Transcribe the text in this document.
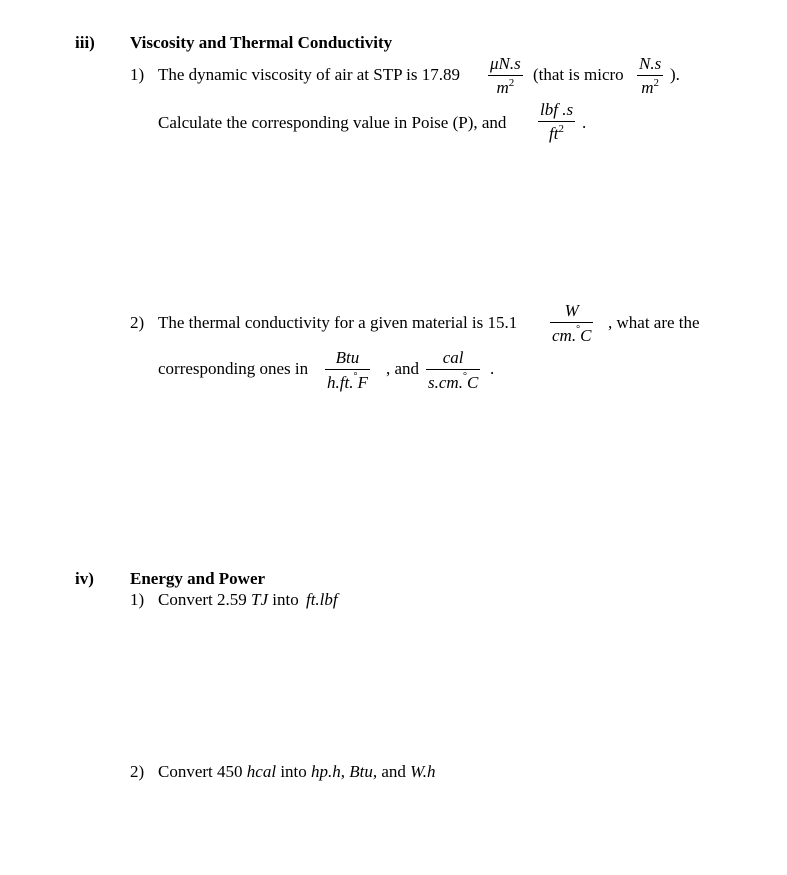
iii) Viscosity and Thermal Conductivity
1) The dynamic viscosity of air at STP is 17.89
μN.s
$m^2$	(that is micro
N.s
$m^2$ ).
Calculate the corresponding value in Poise (P), and
lbf .s
$ft^2$	.
2) The thermal conductivity for a given material is 15.1
W
cm.°C
, what are the
corresponding ones in
Btu
h.ft.°F
, and
cal
s.cm.°C
.
iv) Energy and Power
1) Convert 2.59 TJ into ft.lbf
2) Convert 450 hcal into hp.h, Btu, and W.h
